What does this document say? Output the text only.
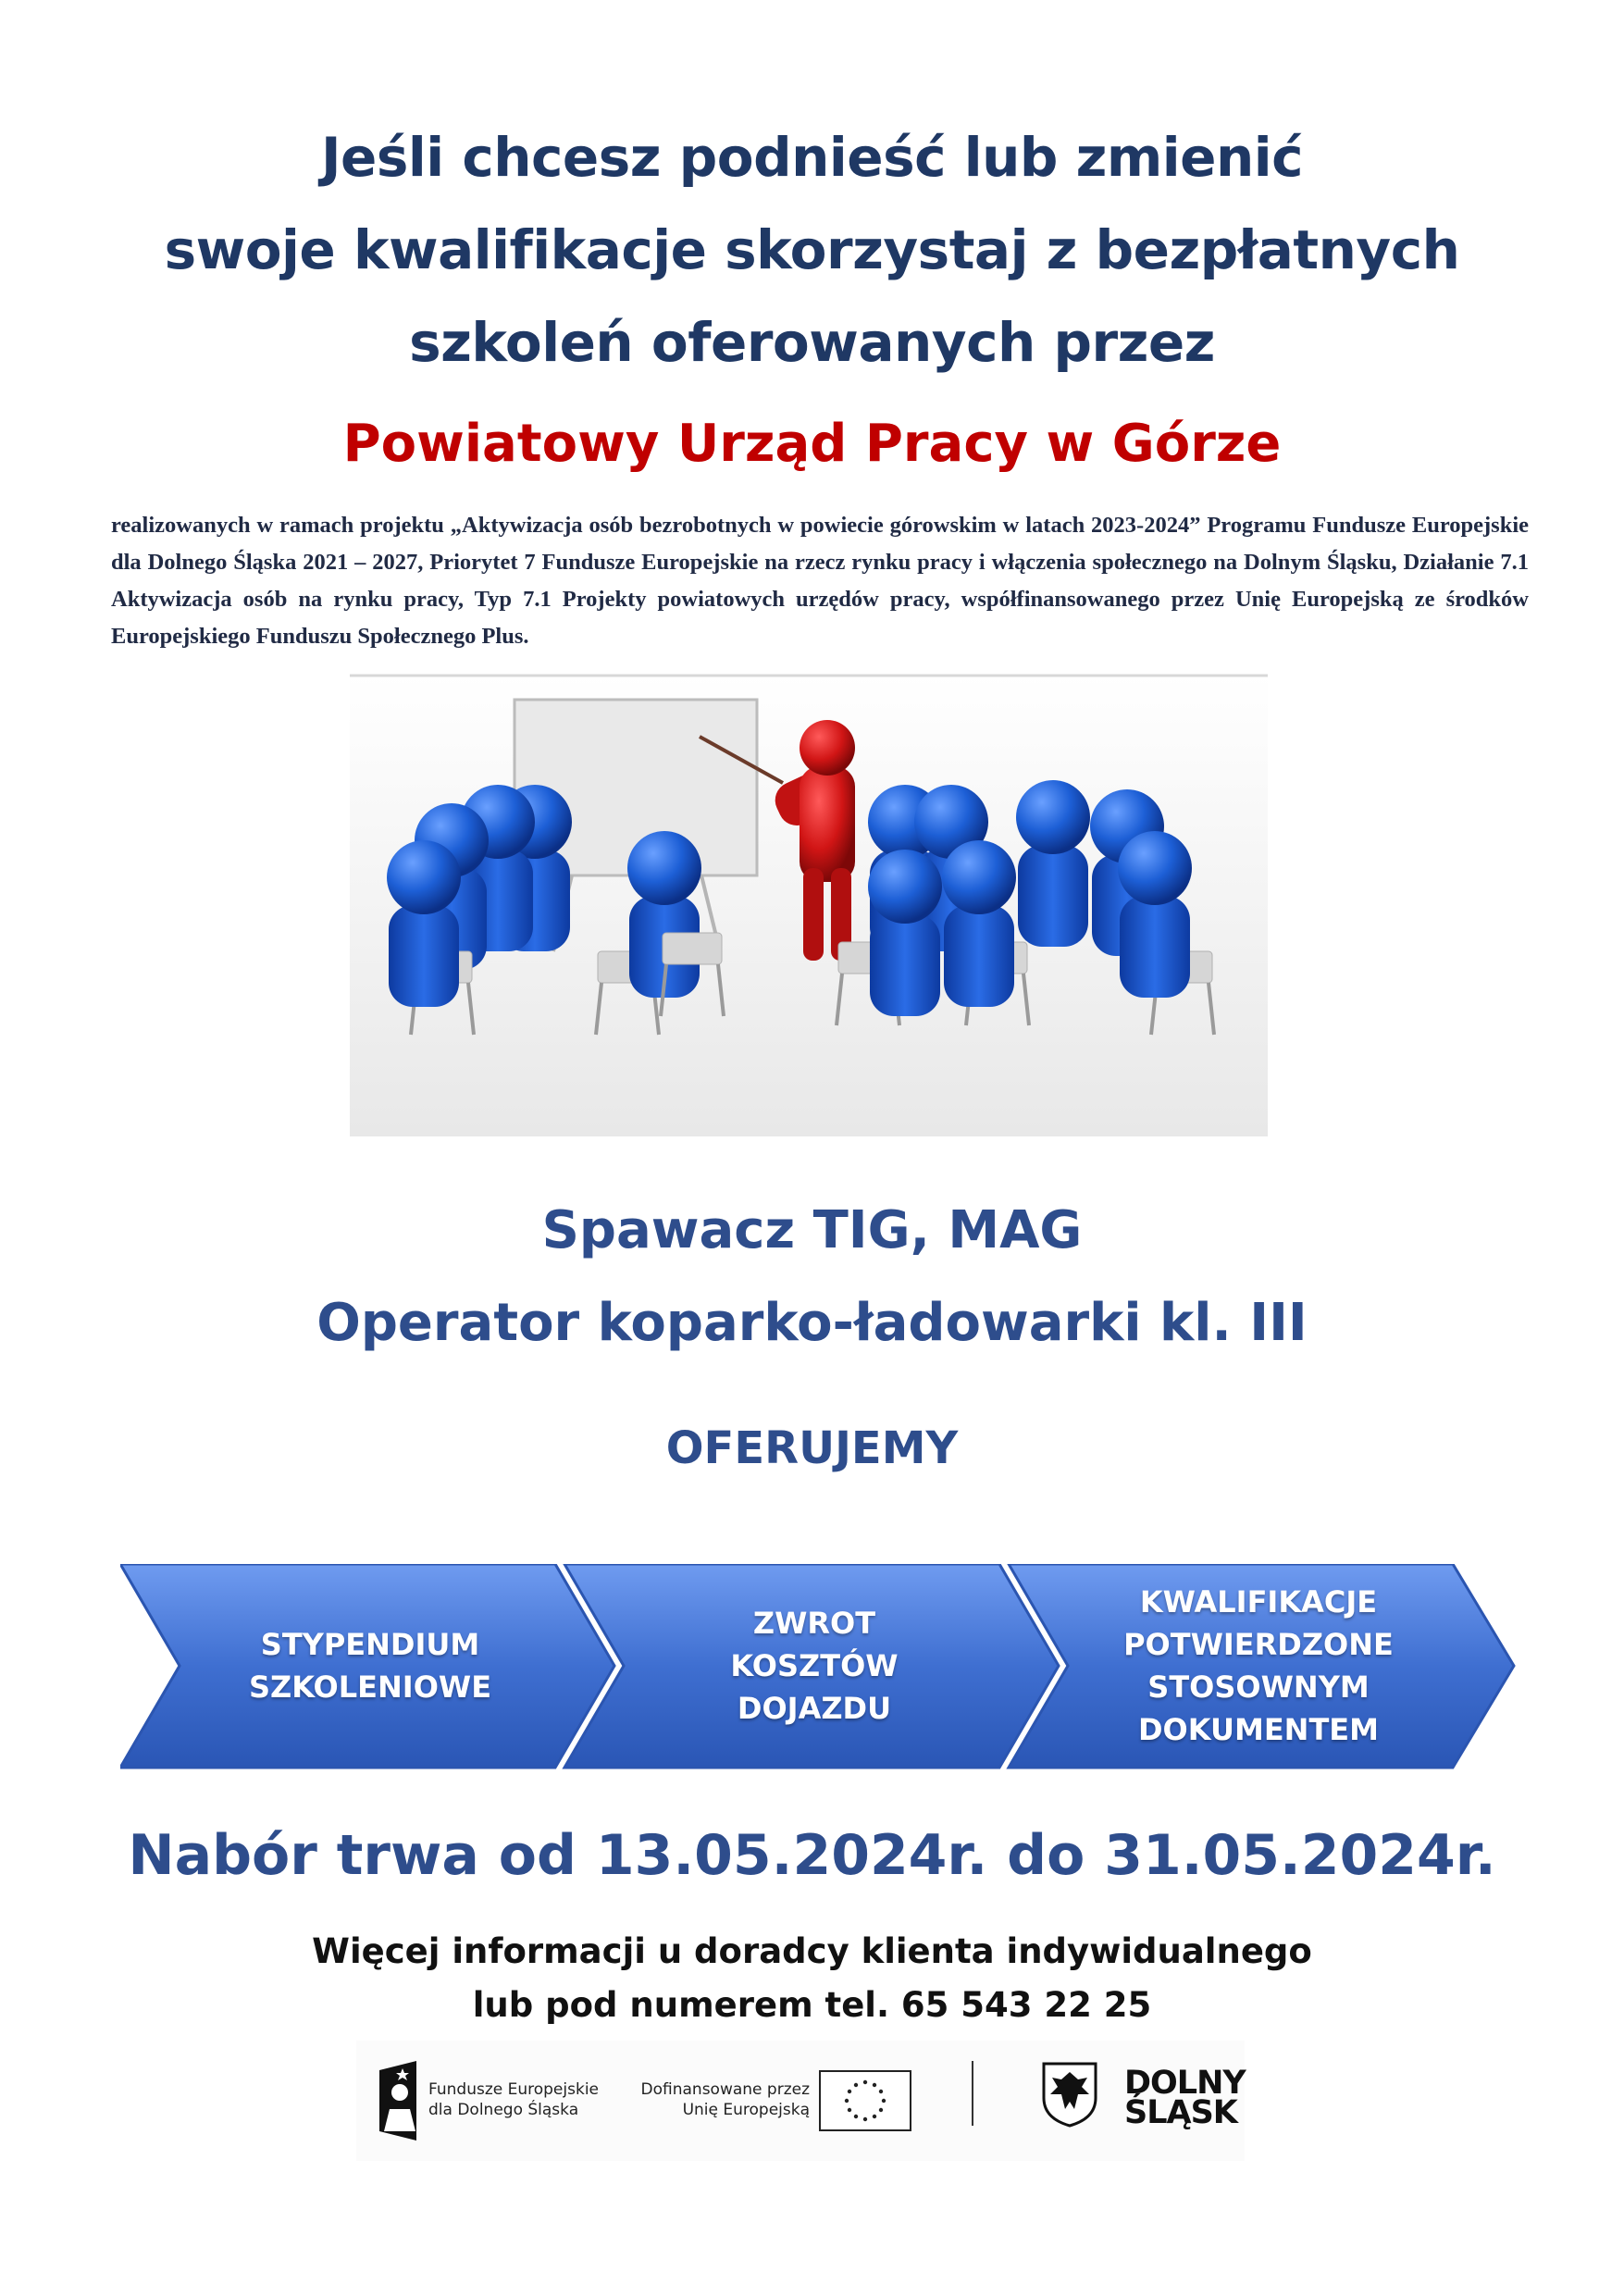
Jeśli chcesz podnieść lub zmienić
swoje kwalifikacje skorzystaj z bezpłatnych
szkoleń oferowanych przez
Powiatowy Urząd Pracy w Górze
realizowanych w ramach projektu „Aktywizacja osób bezrobotnych w powiecie górowskim w latach 2023-2024” Programu Fundusze Europejskie dla Dolnego Śląska 2021 – 2027, Priorytet 7 Fundusze Europejskie na rzecz rynku pracy i włączenia społecznego na Dolnym Śląsku, Działanie 7.1 Aktywizacja osób na rynku pracy, Typ 7.1 Projekty powiatowych urzędów pracy, współfinansowanego przez Unię Europejską ze środków Europejskiego Funduszu Społecznego Plus.
Spawacz TIG, MAG
Operator koparko-ładowarki kl. III
OFERUJEMY
STYPENDIUM
SZKOLENIOWE
ZWROT
KOSZTÓW
DOJAZDU
KWALIFIKACJE
POTWIERDZONE
STOSOWNYM
DOKUMENTEM
Nabór trwa od 13.05.2024r. do 31.05.2024r.
Więcej informacji u doradcy klienta indywidualnego
lub pod numerem tel. 65 543 22 25
Fundusze Europejskie
dla Dolnego Śląska
Dofinansowane przez
Unię Europejską
DOLNY
ŚLĄSK
